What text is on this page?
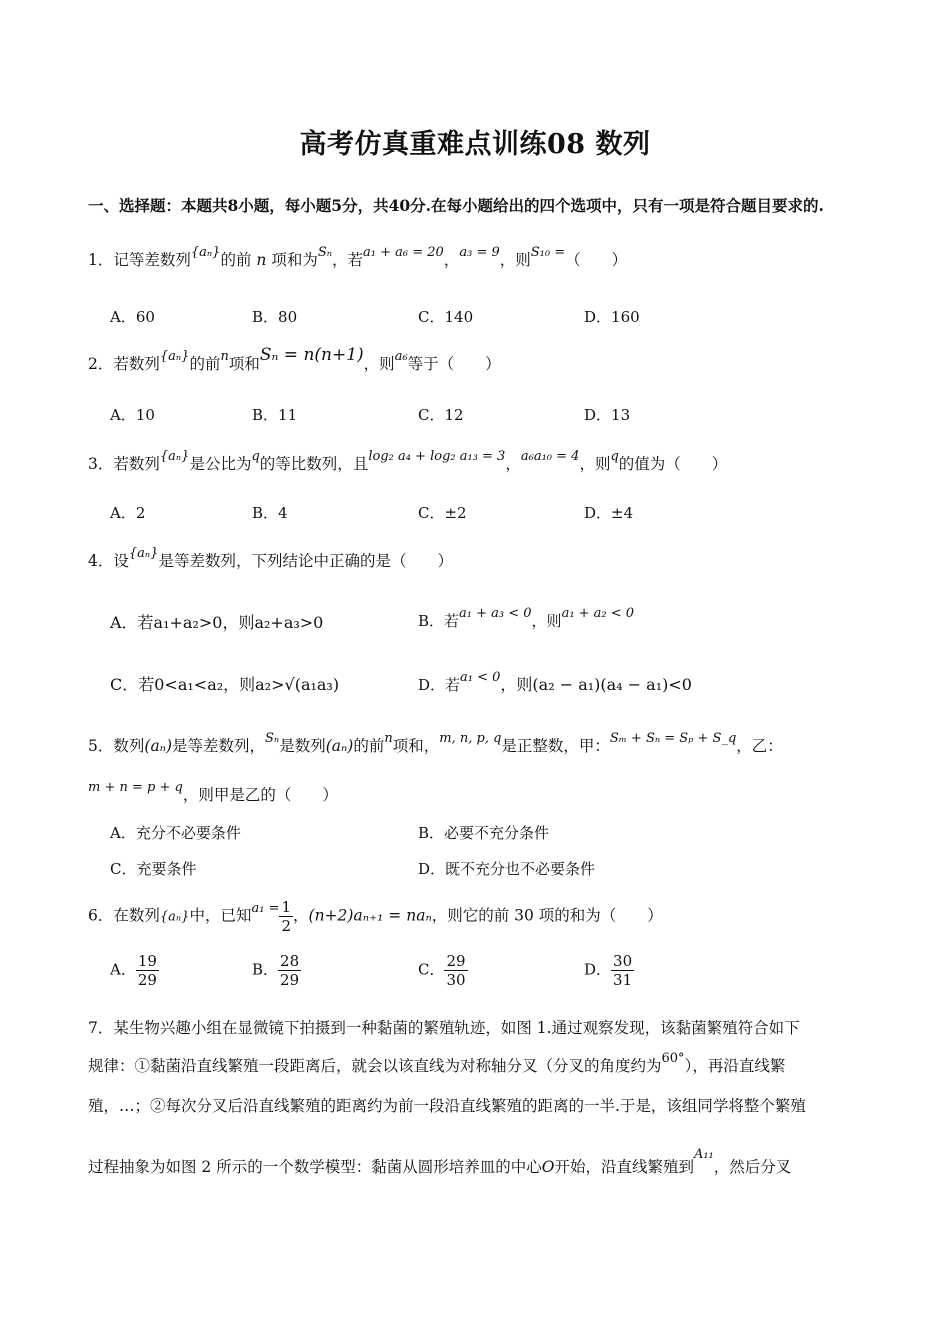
高考仿真重难点训练08 数列
一、选择题：本题共8小题，每小题5分，共40分.在每小题给出的四个选项中，只有一项是符合题目要求的.
1．记等差数列$^{\{a_n\}}$的前 n 项和为$^{S_n}$，若$^{a_1 + a_6 = 20}$，$^{a_3 = 9}$，则$^{S_{10} =}$（　　）
A．60	B．80	C．140	D．160
2．若数列$^{\{a_n\}}$的前$^n$项和Sₙ = n(n+1)，则$^{a_6}$等于（　　）
A．10	B．11	C．12	D．13
3．若数列$^{\{a_n\}}$是公比为$^q$的等比数列，且$^{log_2 a_4 + log_2 a_{13} = 3}$，$^{a_6a_{10} = 4}$，则$^q$的值为（　　）
A．2	B．4	C．±2	D．±4
4．设$^{\{a_n\}}$是等差数列，下列结论中正确的是（　　）
A．若a₁+a₂>0，则a₂+a₃>0	B．若a₁ + a₃ < 0，则a₁ + a₂ < 0
C．若0<a₁<a₂，则a₂>√(a₁a₃)	D．若a₁ < 0，则(a₂ − a₁)(a₄ − a₁)<0
5．数列(aₙ)是等差数列，$^{S_n}$是数列(aₙ)的前$^n$项和，$^{m, n, p, q}$是正整数，甲：$^{S_m + S_n = S_p + S\_q}$，乙：
$^{m + n = p + q}$，则甲是乙的（　　）
A．充分不必要条件	B．必要不充分条件
C．充要条件	D．既不充分也不必要条件
6．在数列{aₙ}中，已知$^{a_1 =} \frac{1}{2}$ ，(n+2)aₙ₊₁ = naₙ，则它的前 30 项的和为（　　）
A． $\frac{19}{29}$	B． $\frac{28}{29}$	C． $\frac{29}{30}$	D． $\frac{30}{31}$
7．某生物兴趣小组在显微镜下拍摄到一种黏菌的繁殖轨迹，如图 1.通过观察发现，该黏菌繁殖符合如下
规律：①黏菌沿直线繁殖一段距离后，就会以该直线为对称轴分叉（分叉的角度约为$^{60^\circ}$），再沿直线繁
殖，…；②每次分叉后沿直线繁殖的距离约为前一段沿直线繁殖的距离的一半.于是，该组同学将整个繁殖
过程抽象为如图 2 所示的一个数学模型：黏菌从圆形培养皿的中心O开始，沿直线繁殖到$^{A_{11}}$，然后分叉
